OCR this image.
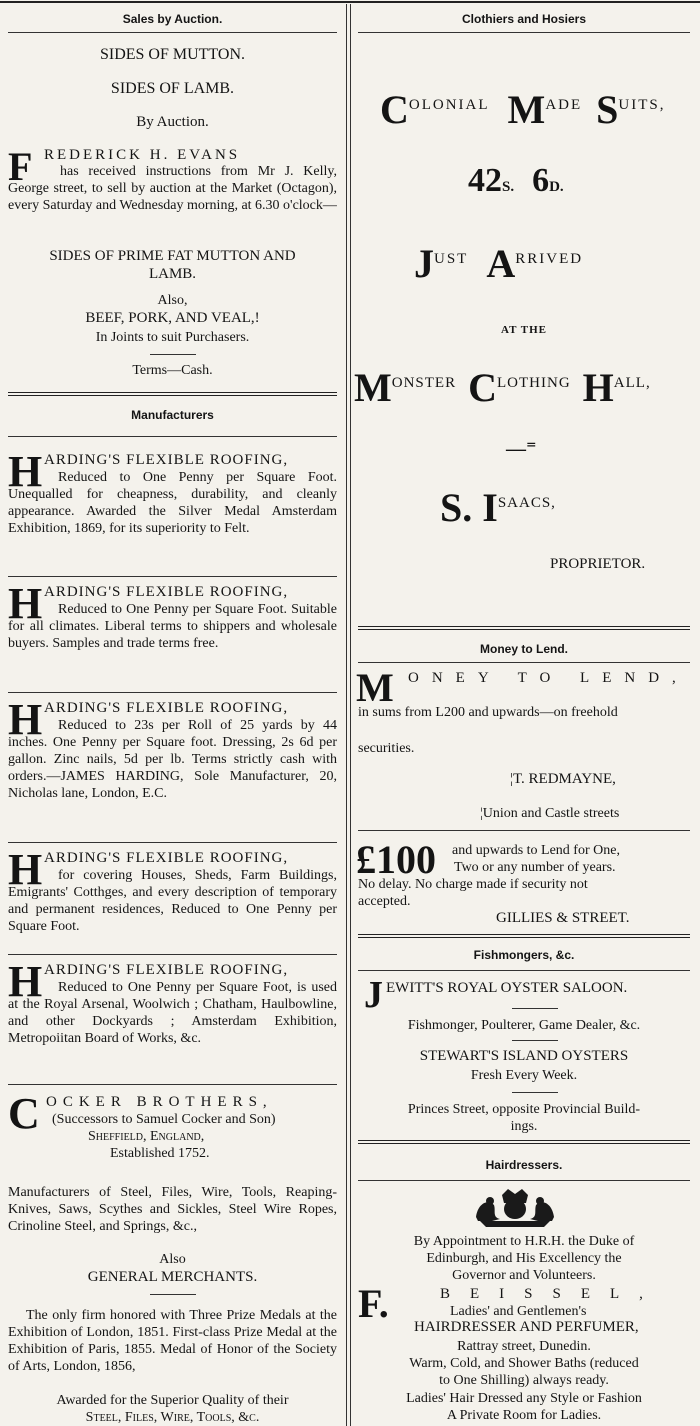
Sales by Auction.
SIDES OF MUTTON.
SIDES OF LAMB.
By Auction.
F REDERICK H. EVANS
has received instructions from Mr J. Kelly, George street, to sell by auction at the Market (Octagon), every Saturday and Wednesday morning, at 6.30 o'clock—
SIDES OF PRIME FAT MUTTON AND
LAMB.
Also,
BEEF, PORK, AND VEAL,!
In Joints to suit Purchasers.
Terms—Cash.
Manufacturers
H ARDING'S FLEXIBLE ROOFING,
Reduced to One Penny per Square Foot. Unequalled for cheapness, durability, and cleanly appearance. Awarded the Silver Medal Amsterdam Exhibition, 1869, for its superiority to Felt.
H ARDING'S FLEXIBLE ROOFING,
Reduced to One Penny per Square Foot. Suitable for all climates. Liberal terms to shippers and wholesale buyers. Samples and trade terms free.
H ARDING'S FLEXIBLE ROOFING,
Reduced to 23s per Roll of 25 yards by 44 inches. One Penny per Square foot. Dressing, 2s 6d per gallon. Zinc nails, 5d per lb. Terms strictly cash with orders.—JAMES HARDING, Sole Manufacturer, 20, Nicholas lane, London, E.C.
H ARDING'S FLEXIBLE ROOFING,
for covering Houses, Sheds, Farm Buildings, Emigrants' Cotthges, and every description of temporary and permanent residences, Reduced to One Penny per Square Foot.
H ARDING'S FLEXIBLE ROOFING,
Reduced to One Penny per Square Foot, is used at the Royal Arsenal, Woolwich ; Chatham, Haulbowline, and other Dockyards ; Amsterdam Exhibition, Metropoiitan Board of Works, &c.
C OCKER BROTHERS,
(Successors to Samuel Cocker and Son)
Sheffield, England,
Established 1752.
Manufacturers of Steel, Files, Wire, Tools, Reaping-Knives, Saws, Scythes and Sickles, Steel Wire Ropes, Crinoline Steel, and Springs, &c.,
Also
GENERAL MERCHANTS.
The only firm honored with Three Prize Medals at the Exhibition of London, 1851. First-class Prize Medal at the Exhibition of Paris, 1855. Medal of Honor of the Society of Arts, London, 1856,
Awarded for the Superior Quality of their
Steel, Files, Wire, Tools, &c.
Clothiers and Hosiers
COLONIAL MADE SUITS,
42S. 6D.
JUST ARRIVED
AT THE
MONSTER CLOTHING HALL,
—⁼
S. ISAACS,
PROPRIETOR.
Money to Lend.
M ONEY TO LEND,
in sums from L200 and upwards—on freehold
securities.
¦T. REDMAYNE,
¦Union and Castle streets
£100 and upwards to Lend for One,
Two or any number of years.
No delay. No charge made if security not
accepted.
GILLIES & STREET.
Fishmongers, &c.
J EWITT'S ROYAL OYSTER SALOON.
Fishmonger, Poulterer, Game Dealer, &c.
STEWART'S ISLAND OYSTERS
Fresh Every Week.
Princes Street, opposite Provincial Build-
ings.
Hairdressers.
By Appointment to H.R.H. the Duke of
Edinburgh, and His Excellency the
Governor and Volunteers.
F.	BEISSEL,
Ladies' and Gentlemen's
HAIRDRESSER AND PERFUMER,
Rattray street, Dunedin.
Warm, Cold, and Shower Baths (reduced
to One Shilling) always ready.
Ladies' Hair Dressed any Style or Fashion
A Private Room for Ladies.
